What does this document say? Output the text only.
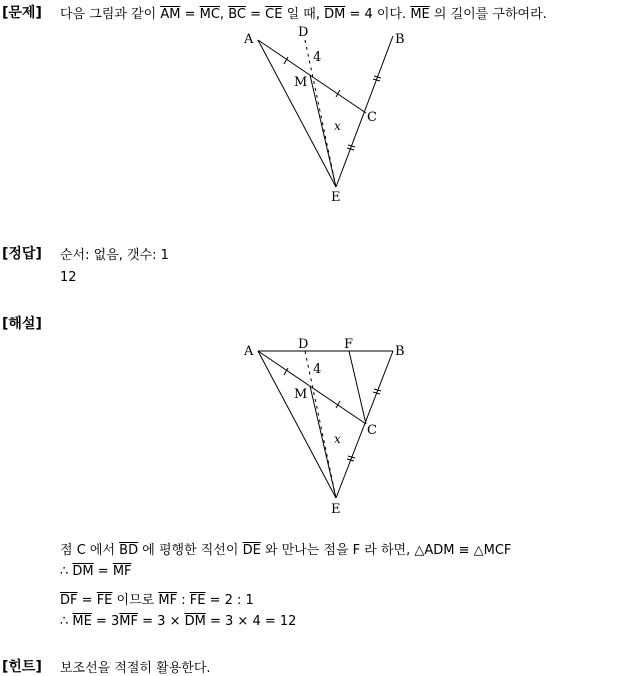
[문제] 다음 그림과 같이 $\overline{AM} = \overline{MC}$, $\overline{BC} = \overline{CE}$ 일 때, $\overline{DM} = 4$ 이다. $\overline{ME}$ 의 길이를 구하여라.
A	D	B
M
4
C
x
E
[정답] 순서: 없음, 갯수: 1
12
[해설]
A	D	F	B
M
4
C
x
E
점 C 에서 $\overline{BD}$ 에 평행한 직선이 $\overline{DE}$ 와 만나는 점을 F 라 하면, △ADM ≡ △MCF
∴ $\overline{DM} = \overline{MF}$
$\overline{DF} = \overline{FE}$ 이므로 $\overline{MF}$ : $\overline{FE} = 2$ : 1
∴ $\overline{ME} = 3\overline{MF} = 3 \times \overline{DM} = 3 \times 4 = 12$
[힌트] 보조선을 적절히 활용한다.
